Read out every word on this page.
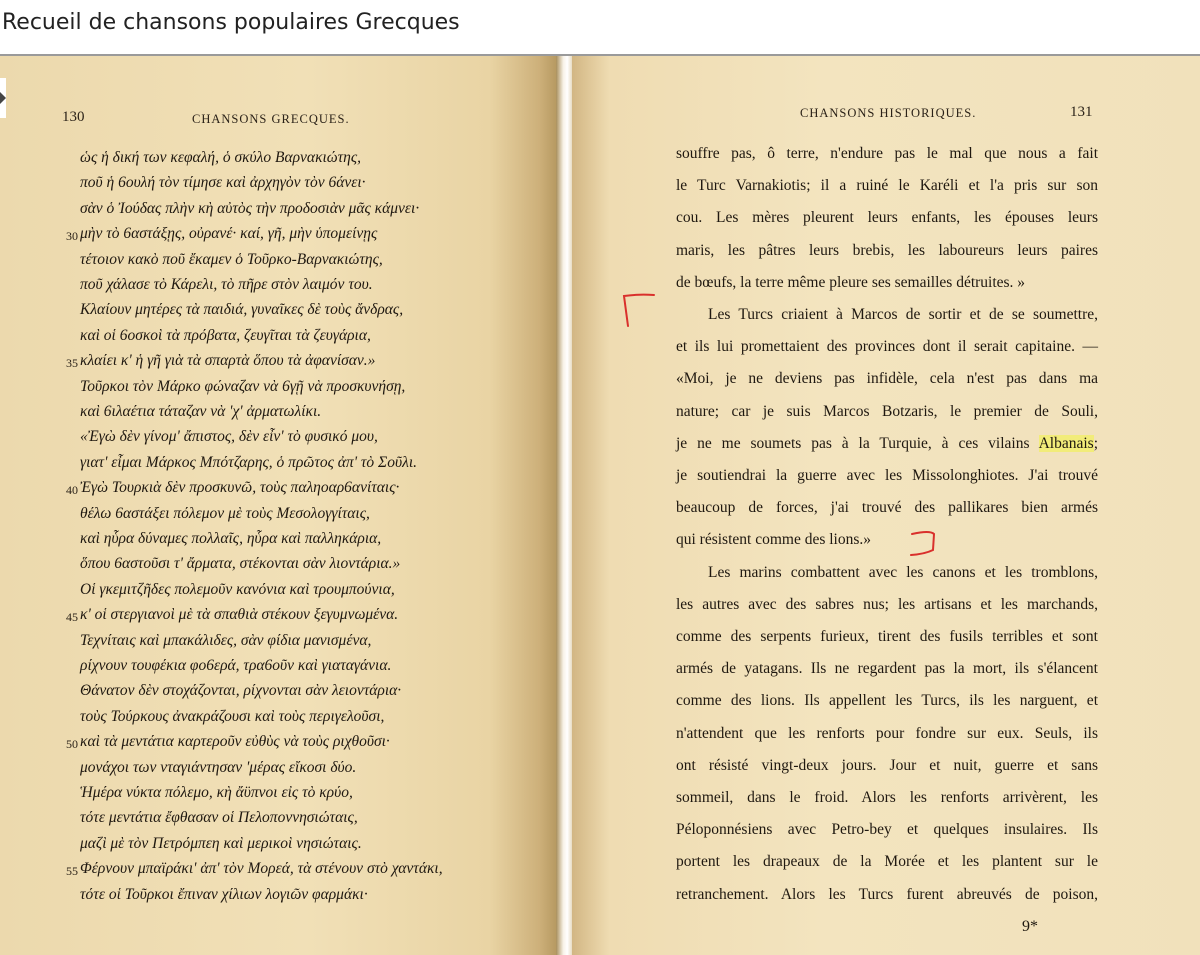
Recueil de chansons populaires Grecques
130	CHANSONS GRECQUES.
ὡς ἡ δική των κεφαλή, ὁ σκύλο Βαρνακιώτης,
ποῦ ἡ 6ουλή τὸν τίμησε καὶ ἀρχηγὸν τὸν 6άνει·
σὰν ὁ Ἰούδας πλὴν κὴ αὐτὸς τὴν προδοσιὰν μᾶς κάμνει·
30 μὴν τὸ 6αστάξῃς, οὐρανέ· καί, γῆ, μὴν ὑπομείνῃς
τέτοιον κακὸ ποῦ ἔκαμεν ὁ Τοῦρκο-Βαρνακιώτης,
ποῦ χάλασε τὸ Κάρελι, τὸ πῆρε στὸν λαιμόν του.
Κλαίουν μητέρες τὰ παιδιά, γυναῖκες δὲ τοὺς ἄνδρας,
καὶ οἱ 6οσκοὶ τὰ πρόβατα, ζευγῖται τὰ ζευγάρια,
35 κλαίει κ' ἡ γῆ γιὰ τὰ σπαρτὰ ὅπου τὰ ἀφανίσαν.»
Τοῦρκοι τὸν Μάρκο φώναζαν νὰ 6γῇ νὰ προσκυνήσῃ,
καὶ 6ιλαέτια τάταζαν νὰ 'χ' ἀρματωλίκι.
«Ἐγὼ δὲν γίνομ' ἄπιστος, δὲν εἶν' τὸ φυσικό μου,
γιατ' εἶμαι Μάρκος Μπότζαρης, ὁ πρῶτος ἀπ' τὸ Σοῦλι.
40 Ἐγὼ Τουρκιὰ δὲν προσκυνῶ, τοὺς παληοαρ6ανίταις·
θέλω 6αστάξει πόλεμον μὲ τοὺς Μεσολογγίταις,
καὶ ηὗρα δύναμες πολλαῖς, ηὗρα καὶ παλληκάρια,
ὅπου 6αστοῦσι τ' ἄρματα, στέκονται σὰν λιοντάρια.»
Οἱ γκεμιτζῆδες πολεμοῦν κανόνια καὶ τρουμπούνια,
45 κ' οἱ στεργιανοὶ μὲ τὰ σπαθιὰ στέκουν ξεγυμνωμένα.
Τεχνίταις καὶ μπακάλιδες, σὰν φίδια μανισμένα,
ρίχνουν τουφέκια φο6ερά, τρα6οῦν καὶ γιαταγάνια.
Θάνατον δὲν στοχάζονται, ρίχνονται σὰν λειοντάρια·
τοὺς Τούρκους ἀνακράζουσι καὶ τοὺς περιγελοῦσι,
50 καὶ τὰ μεντάτια καρτεροῦν εὐθὺς νὰ τοὺς ριχθοῦσι·
μονάχοι των νταγιάντησαν 'μέρας εἴκοσι δύο.
Ἡμέρα νύκτα πόλεμο, κὴ ἄϋπνοι εἰς τὸ κρύο,
τότε μεντάτια ἔφθασαν οἱ Πελοποννησιώταις,
μαζὶ μὲ τὸν Πετρόμπεη καὶ μερικοὶ νησιώταις.
55 Φέρνουν μπαϊράκι' ἀπ' τὸν Μορεά, τὰ στένουν στὸ χαντάκι,
τότε οἱ Τοῦρκοι ἔπιναν χίλιων λογιῶν φαρμάκι·
CHANSONS HISTORIQUES.	131
9*
souffre pas, ô terre, n'endure pas le mal que nous a fait
le Turc Varnakiotis; il a ruiné le Karéli et l'a pris sur son
cou. Les mères pleurent leurs enfants, les épouses leurs
maris, les pâtres leurs brebis, les laboureurs leurs paires
de bœufs, la terre même pleure ses semailles détruites. »
Les Turcs criaient à Marcos de sortir et de se soumettre,
et ils lui promettaient des provinces dont il serait capitaine. —
«Moi, je ne deviens pas infidèle, cela n'est pas dans ma
nature; car je suis Marcos Botzaris, le premier de Souli,
je ne me soumets pas à la Turquie, à ces vilains Albanais;
je soutiendrai la guerre avec les Missolonghiotes. J'ai trouvé
beaucoup de forces, j'ai trouvé des pallikares bien armés
qui résistent comme des lions.»
Les marins combattent avec les canons et les tromblons,
les autres avec des sabres nus; les artisans et les marchands,
comme des serpents furieux, tirent des fusils terribles et sont
armés de yatagans. Ils ne regardent pas la mort, ils s'élancent
comme des lions. Ils appellent les Turcs, ils les narguent, et
n'attendent que les renforts pour fondre sur eux. Seuls, ils
ont résisté vingt-deux jours. Jour et nuit, guerre et sans
sommeil, dans le froid. Alors les renforts arrivèrent, les
Péloponnésiens avec Petro-bey et quelques insulaires. Ils
portent les drapeaux de la Morée et les plantent sur le
retranchement. Alors les Turcs furent abreuvés de poison,
